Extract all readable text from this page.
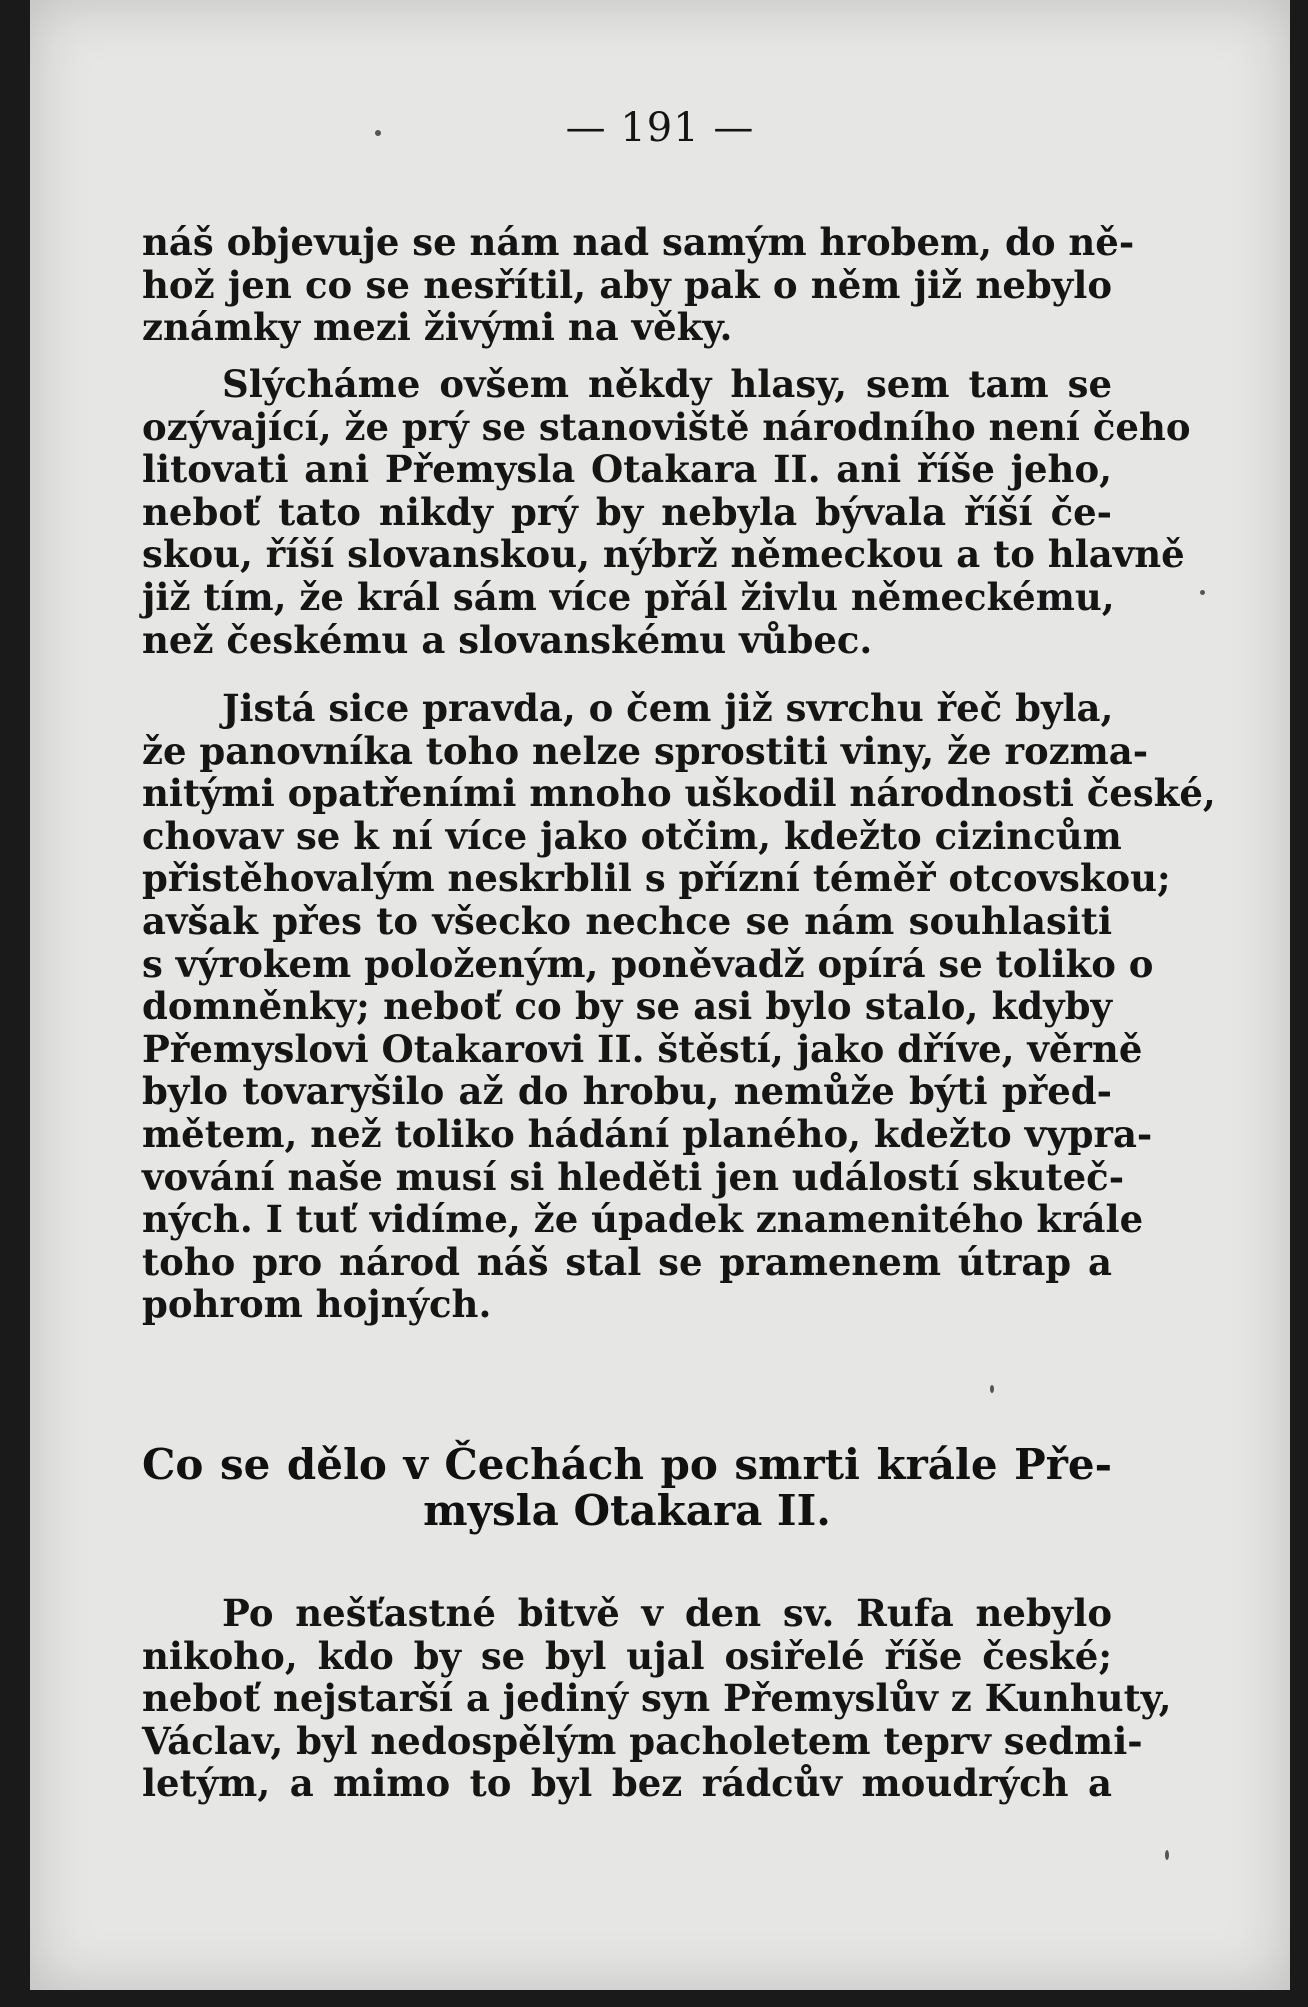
— 191 —
náš objevuje se nám nad samým hrobem, do ně-
hož jen co se nesřítil, aby pak o něm již nebylo
známky mezi živými na věky.
Slýcháme ovšem někdy hlasy, sem tam se
ozývající, že prý se stanoviště národního není čeho
litovati ani Přemysla Otakara II. ani říše jeho,
neboť tato nikdy prý by nebyla bývala říší če-
skou, říší slovanskou, nýbrž německou a to hlavně
již tím, že král sám více přál živlu německému,
než českému a slovanskému vůbec.
Jistá sice pravda, o čem již svrchu řeč byla,
že panovníka toho nelze sprostiti viny, že rozma-
nitými opatřeními mnoho uškodil národnosti české,
chovav se k ní více jako otčim, kdežto cizincům
přistěhovalým neskrblil s přízní téměř otcovskou;
avšak přes to všecko nechce se nám souhlasiti
s výrokem položeným, poněvadž opírá se toliko o
domněnky; neboť co by se asi bylo stalo, kdyby
Přemyslovi Otakarovi II. štěstí, jako dříve, věrně
bylo tovaryšilo až do hrobu, nemůže býti před-
mětem, než toliko hádání planého, kdežto vypra-
vování naše musí si hleděti jen událostí skuteč-
ných. I tuť vidíme, že úpadek znamenitého krále
toho pro národ náš stal se pramenem útrap a
pohrom hojných.
Co se dělo v Čechách po smrti krále Pře-
mysla Otakara II.
Po nešťastné bitvě v den sv. Rufa nebylo
nikoho, kdo by se byl ujal osiřelé říše české;
neboť nejstarší a jediný syn Přemyslův z Kunhuty,
Václav, byl nedospělým pacholetem teprv sedmi-
letým, a mimo to byl bez rádcův moudrých a
